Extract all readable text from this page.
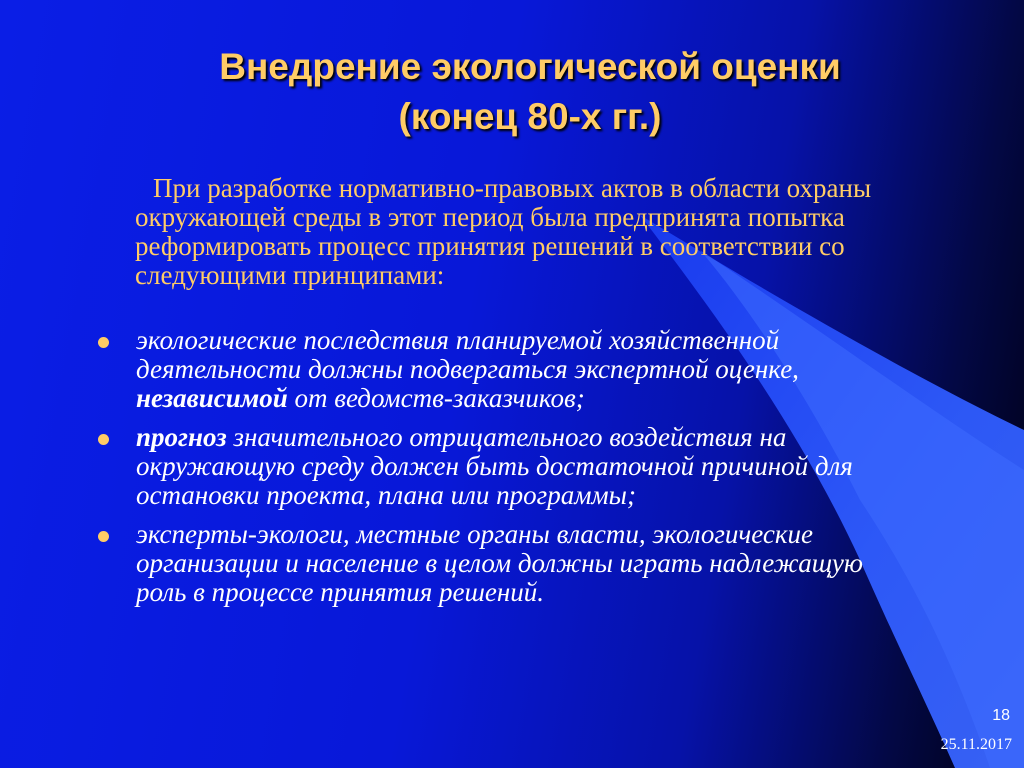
Внедрение экологической оценки
(конец 80-х гг.)
При разработке нормативно-правовых актов в области охраны окружающей среды в этот период была предпринята попытка реформировать процесс принятия решений в соответствии со следующими принципами:
экологические последствия планируемой хозяйственной деятельности должны подвергаться экспертной оценке, независимой от ведомств-заказчиков;
прогноз значительного отрицательного воздействия на окружающую среду должен быть достаточной причиной для остановки проекта, плана или программы;
эксперты-экологи, местные органы власти, экологические организации и население в целом должны играть надлежащую роль в процессе принятия решений.
18
25.11.2017
